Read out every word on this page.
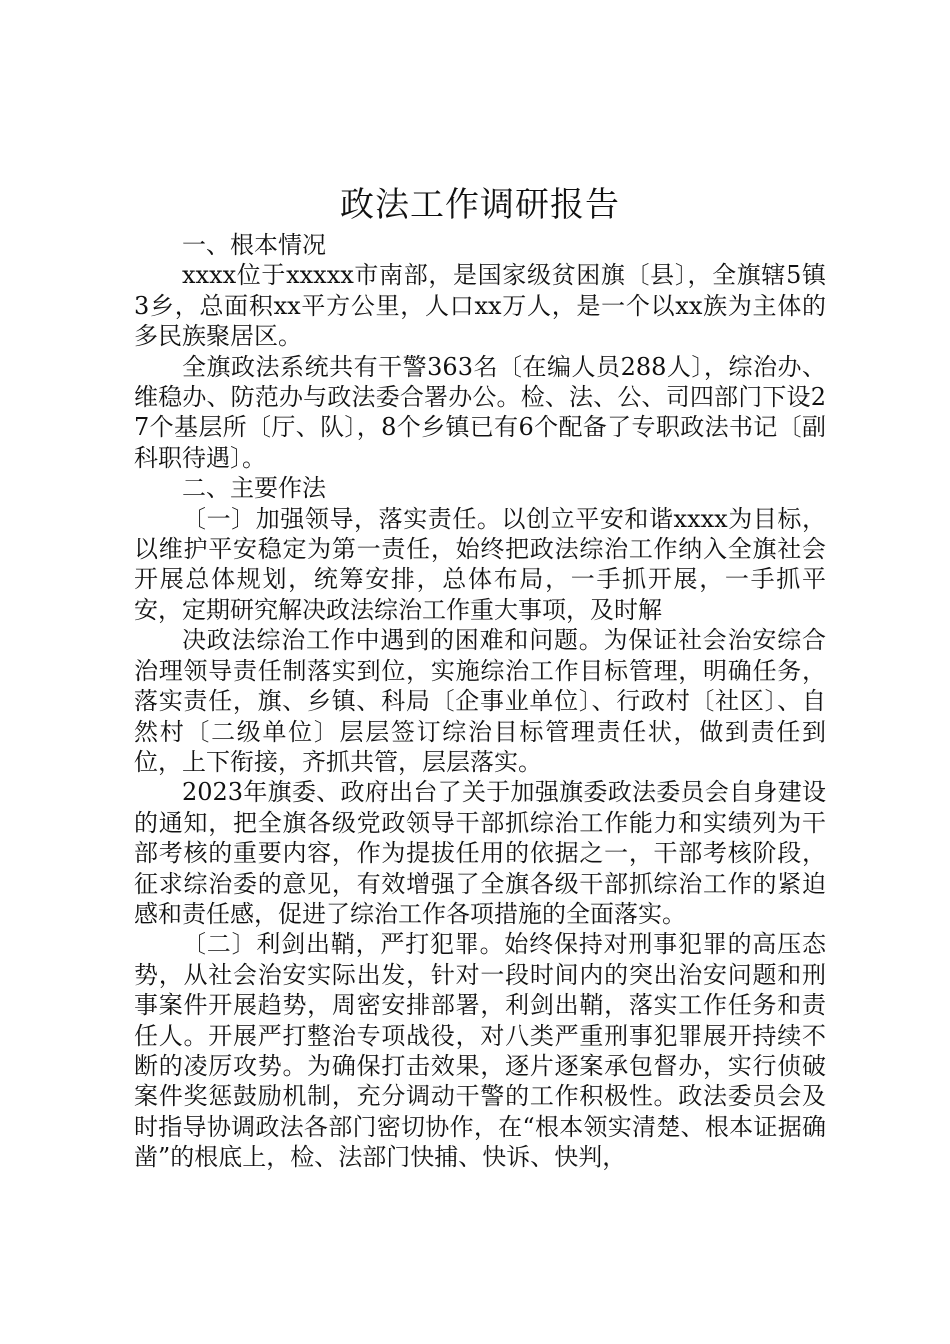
政法工作调研报告

一、根本情况

xxxx位于xxxxx市南部，是国家级贫困旗〔县〕，全旗辖5镇3乡，总面积xx平方公里，人口xx万人，是一个以xx族为主体的多民族聚居区。

全旗政法系统共有干警363名〔在编人员288人〕，综治办、维稳办、防范办与政法委合署办公。检、法、公、司四部门下设27个基层所〔厅、队〕，8个乡镇已有6个配备了专职政法书记〔副科职待遇〕。

二、主要作法

〔一〕加强领导，落实责任。以创立平安和谐xxxx为目标，以维护平安稳定为第一责任，始终把政法综治工作纳入全旗社会开展总体规划，统筹安排，总体布局，一手抓开展，一手抓平安，定期研究解决政法综治工作重大事项，及时解

决政法综治工作中遇到的困难和问题。为保证社会治安综合治理领导责任制落实到位，实施综治工作目标管理，明确任务，落实责任，旗、乡镇、科局〔企事业单位〕、行政村〔社区〕、自然村〔二级单位〕层层签订综治目标管理责任状，做到责任到位，上下衔接，齐抓共管，层层落实。

2023年旗委、政府出台了关于加强旗委政法委员会自身建设的通知，把全旗各级党政领导干部抓综治工作能力和实绩列为干部考核的重要内容，作为提拔任用的依据之一，干部考核阶段，征求综治委的意见，有效增强了全旗各级干部抓综治工作的紧迫感和责任感，促进了综治工作各项措施的全面落实。

〔二〕利剑出鞘，严打犯罪。始终保持对刑事犯罪的高压态势，从社会治安实际出发，针对一段时间内的突出治安问题和刑事案件开展趋势，周密安排部署，利剑出鞘，落实工作任务和责任人。开展严打整治专项战役，对八类严重刑事犯罪展开持续不断的凌厉攻势。为确保打击效果，逐片逐案承包督办，实行侦破案件奖惩鼓励机制，充分调动干警的工作积极性。政法委员会及时指导协调政法各部门密切协作，在“根本领实清楚、根本证据确凿”的根底上，检、法部门快捕、快诉、快判，
